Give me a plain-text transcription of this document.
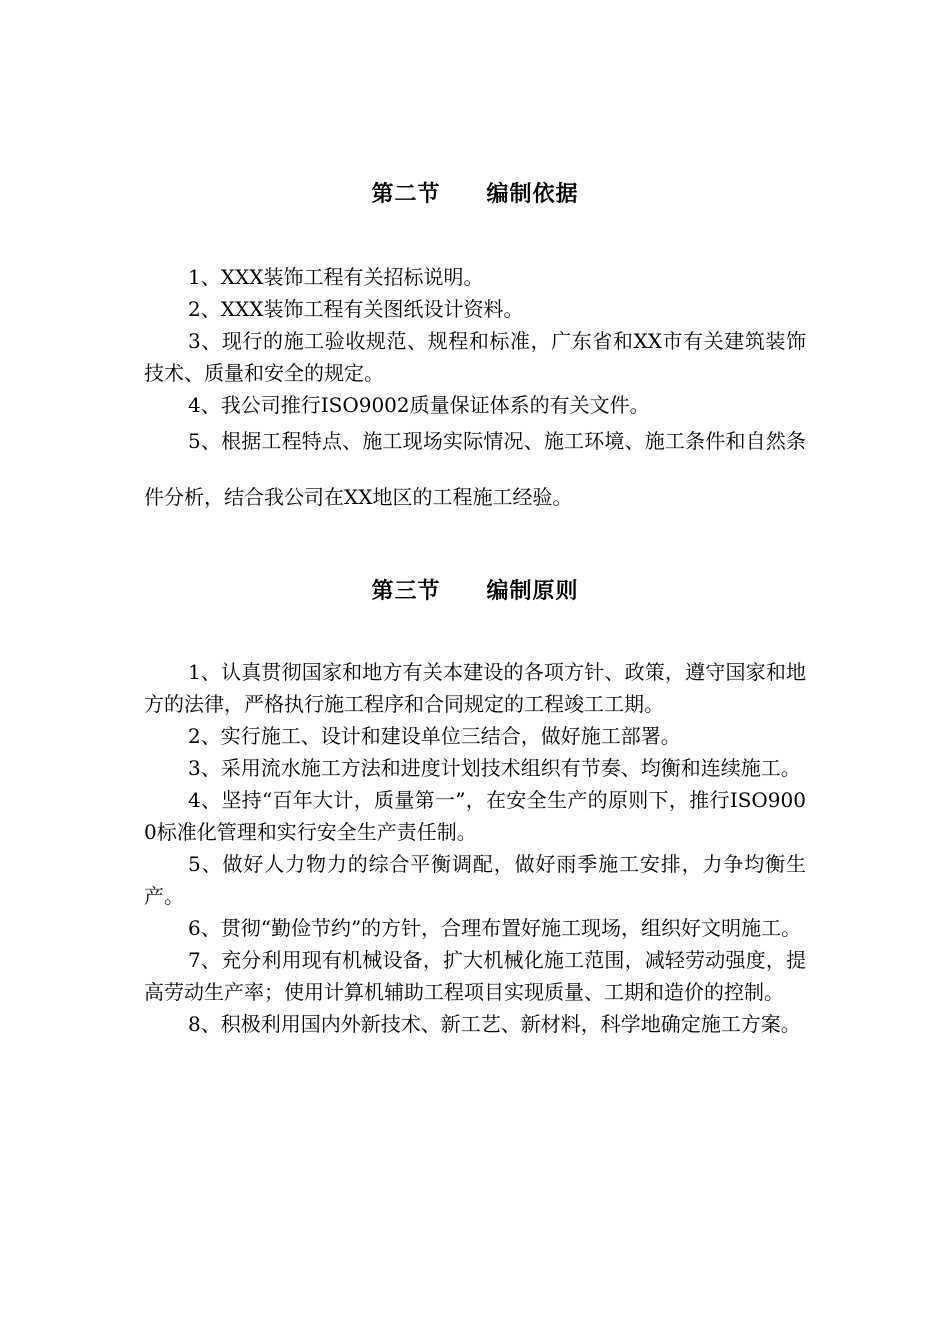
第二节　　编制依据

1、XXX装饰工程有关招标说明。

2、XXX装饰工程有关图纸设计资料。

3、现行的施工验收规范、规程和标准，广东省和XX市有关建筑装饰技术、质量和安全的规定。

4、我公司推行ISO9002质量保证体系的有关文件。

5、根据工程特点、施工现场实际情况、施工环境、施工条件和自然条件分析，结合我公司在XX地区的工程施工经验。

第三节　　编制原则

1、认真贯彻国家和地方有关本建设的各项方针、政策，遵守国家和地方的法律，严格执行施工程序和合同规定的工程竣工工期。

2、实行施工、设计和建设单位三结合，做好施工部署。

3、采用流水施工方法和进度计划技术组织有节奏、均衡和连续施工。

4、坚持“百年大计，质量第一”，在安全生产的原则下，推行ISO9000标准化管理和实行安全生产责任制。

5、做好人力物力的综合平衡调配，做好雨季施工安排，力争均衡生产。

6、贯彻“勤俭节约”的方针，合理布置好施工现场，组织好文明施工。

7、充分利用现有机械设备，扩大机械化施工范围，减轻劳动强度，提高劳动生产率；使用计算机辅助工程项目实现质量、工期和造价的控制。

8、积极利用国内外新技术、新工艺、新材料，科学地确定施工方案。
